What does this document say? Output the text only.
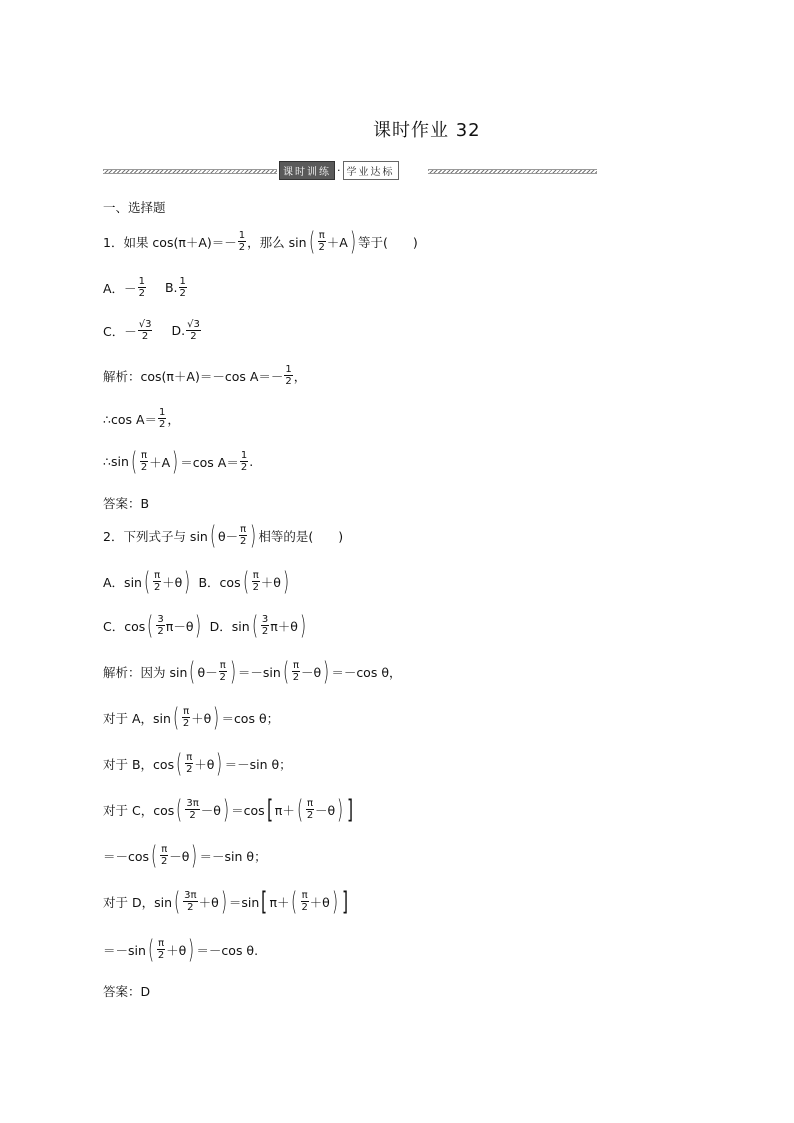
课时作业 32
课时训练 · 学业达标
一、选择题
1．如果 $\cos(\pi+A)=- \frac{1}{2}$ ，那么 sin ( $\frac{\pi}{2} +A$ ) 等于(　　)
A．－ $\frac{1}{2} B$. $\frac{1}{2}$
C．－ $\frac{√3}{2} D$. $\frac{√3}{2}$
解析：cos(π＋A)＝－cos $A=- \frac{1}{2}$ ，
∴cos $A= \frac{1}{2}$ ，
∴sin ( $\frac{\pi}{2} +A$ ) ＝cos $A= \frac{1}{2}$ .
答案：B
2．下列式子与 sin ( $\theta- \frac{\pi}{2}$ ) 相等的是(　　)
A．sin ( $\frac{\pi}{2} +\theta$ ) B．cos ( $\frac{\pi}{2} +\theta$ )
C．cos ( $\frac{3}{2} \pi-\theta$ ) D．sin ( $\frac{3}{2} \pi+\theta$ )
解析：因为 sin ( $\theta- \frac{\pi}{2}$ ) ＝－sin ( $\frac{\pi}{2} -\theta$ ) ＝－cos θ，
对于 A，sin ( $\frac{\pi}{2} +\theta$ ) ＝cos θ；
对于 B，cos ( $\frac{\pi}{2} +\theta$ ) ＝－sin θ；
对于 C，cos ( $\frac{3\pi}{2} -\theta$ ) ＝cos [ π＋ ( $\frac{\pi}{2} -\theta$ ) ]
＝－cos ( $\frac{\pi}{2} -\theta$ ) ＝－sin θ；
对于 D，sin ( $\frac{3\pi}{2} +\theta$ ) ＝sin [ π＋ ( $\frac{\pi}{2} +\theta$ ) ]
＝－sin ( $\frac{\pi}{2} +\theta$ ) ＝－cos θ.
答案：D
